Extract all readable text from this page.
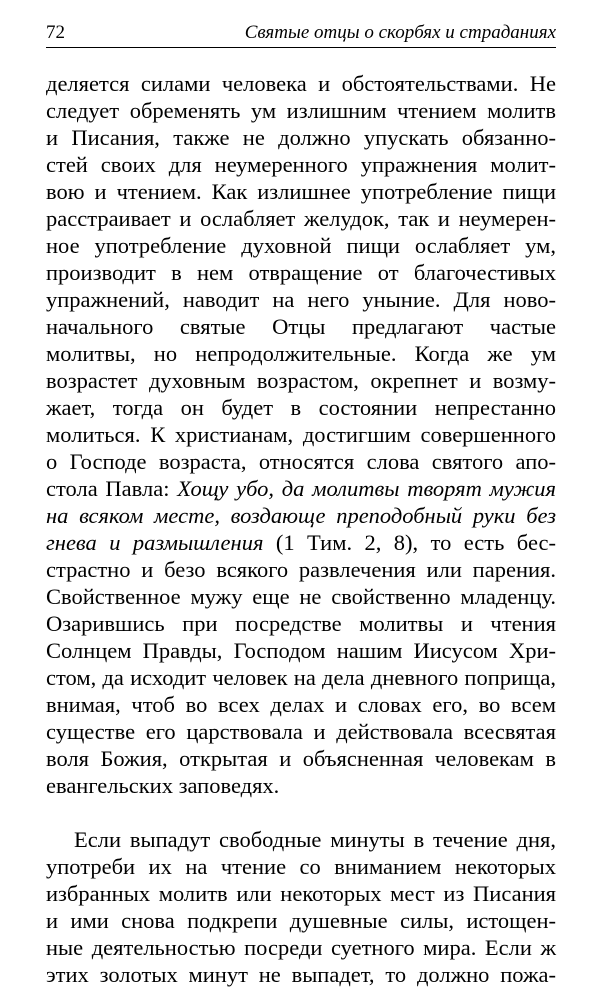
72	Святые отцы о скорбях и страданиях
деляется силами человека и обстоятельствами. Не
следует обременять ум излишним чтением молитв
и Писания, также не должно упускать обязанно-
стей своих для неумеренного упражнения молит-
вою и чтением. Как излишнее употребление пищи
расстраивает и ослабляет желудок, так и неумерен-
ное употребление духовной пищи ослабляет ум,
производит в нем отвращение от благочестивых
упражнений, наводит на него уныние. Для ново-
начального святые Отцы предлагают частые
молитвы, но непродолжительные. Когда же ум
возрастет духовным возрастом, окрепнет и возму-
жает, тогда он будет в состоянии непрестанно
молиться. К христианам, достигшим совершенного
о Господе возраста, относятся слова святого апо-
стола Павла: Хощу убо, да молитвы творят мужия
на всяком месте, воздающе преподобный руки без
гнева и размышления (1 Тим. 2, 8), то есть бес-
страстно и безо всякого развлечения или парения.
Свойственное мужу еще не свойственно младенцу.
Озарившись при посредстве молитвы и чтения
Солнцем Правды, Господом нашим Иисусом Хри-
стом, да исходит человек на дела дневного поприща,
внимая, чтоб во всех делах и словах его, во всем
существе его царствовала и действовала всесвятая
воля Божия, открытая и объясненная человекам в
евангельских заповедях.
Если выпадут свободные минуты в течение дня,
употреби их на чтение со вниманием некоторых
избранных молитв или некоторых мест из Писания
и ими снова подкрепи душевные силы, истощен-
ные деятельностью посреди суетного мира. Если ж
этих золотых минут не выпадет, то должно пожа-
